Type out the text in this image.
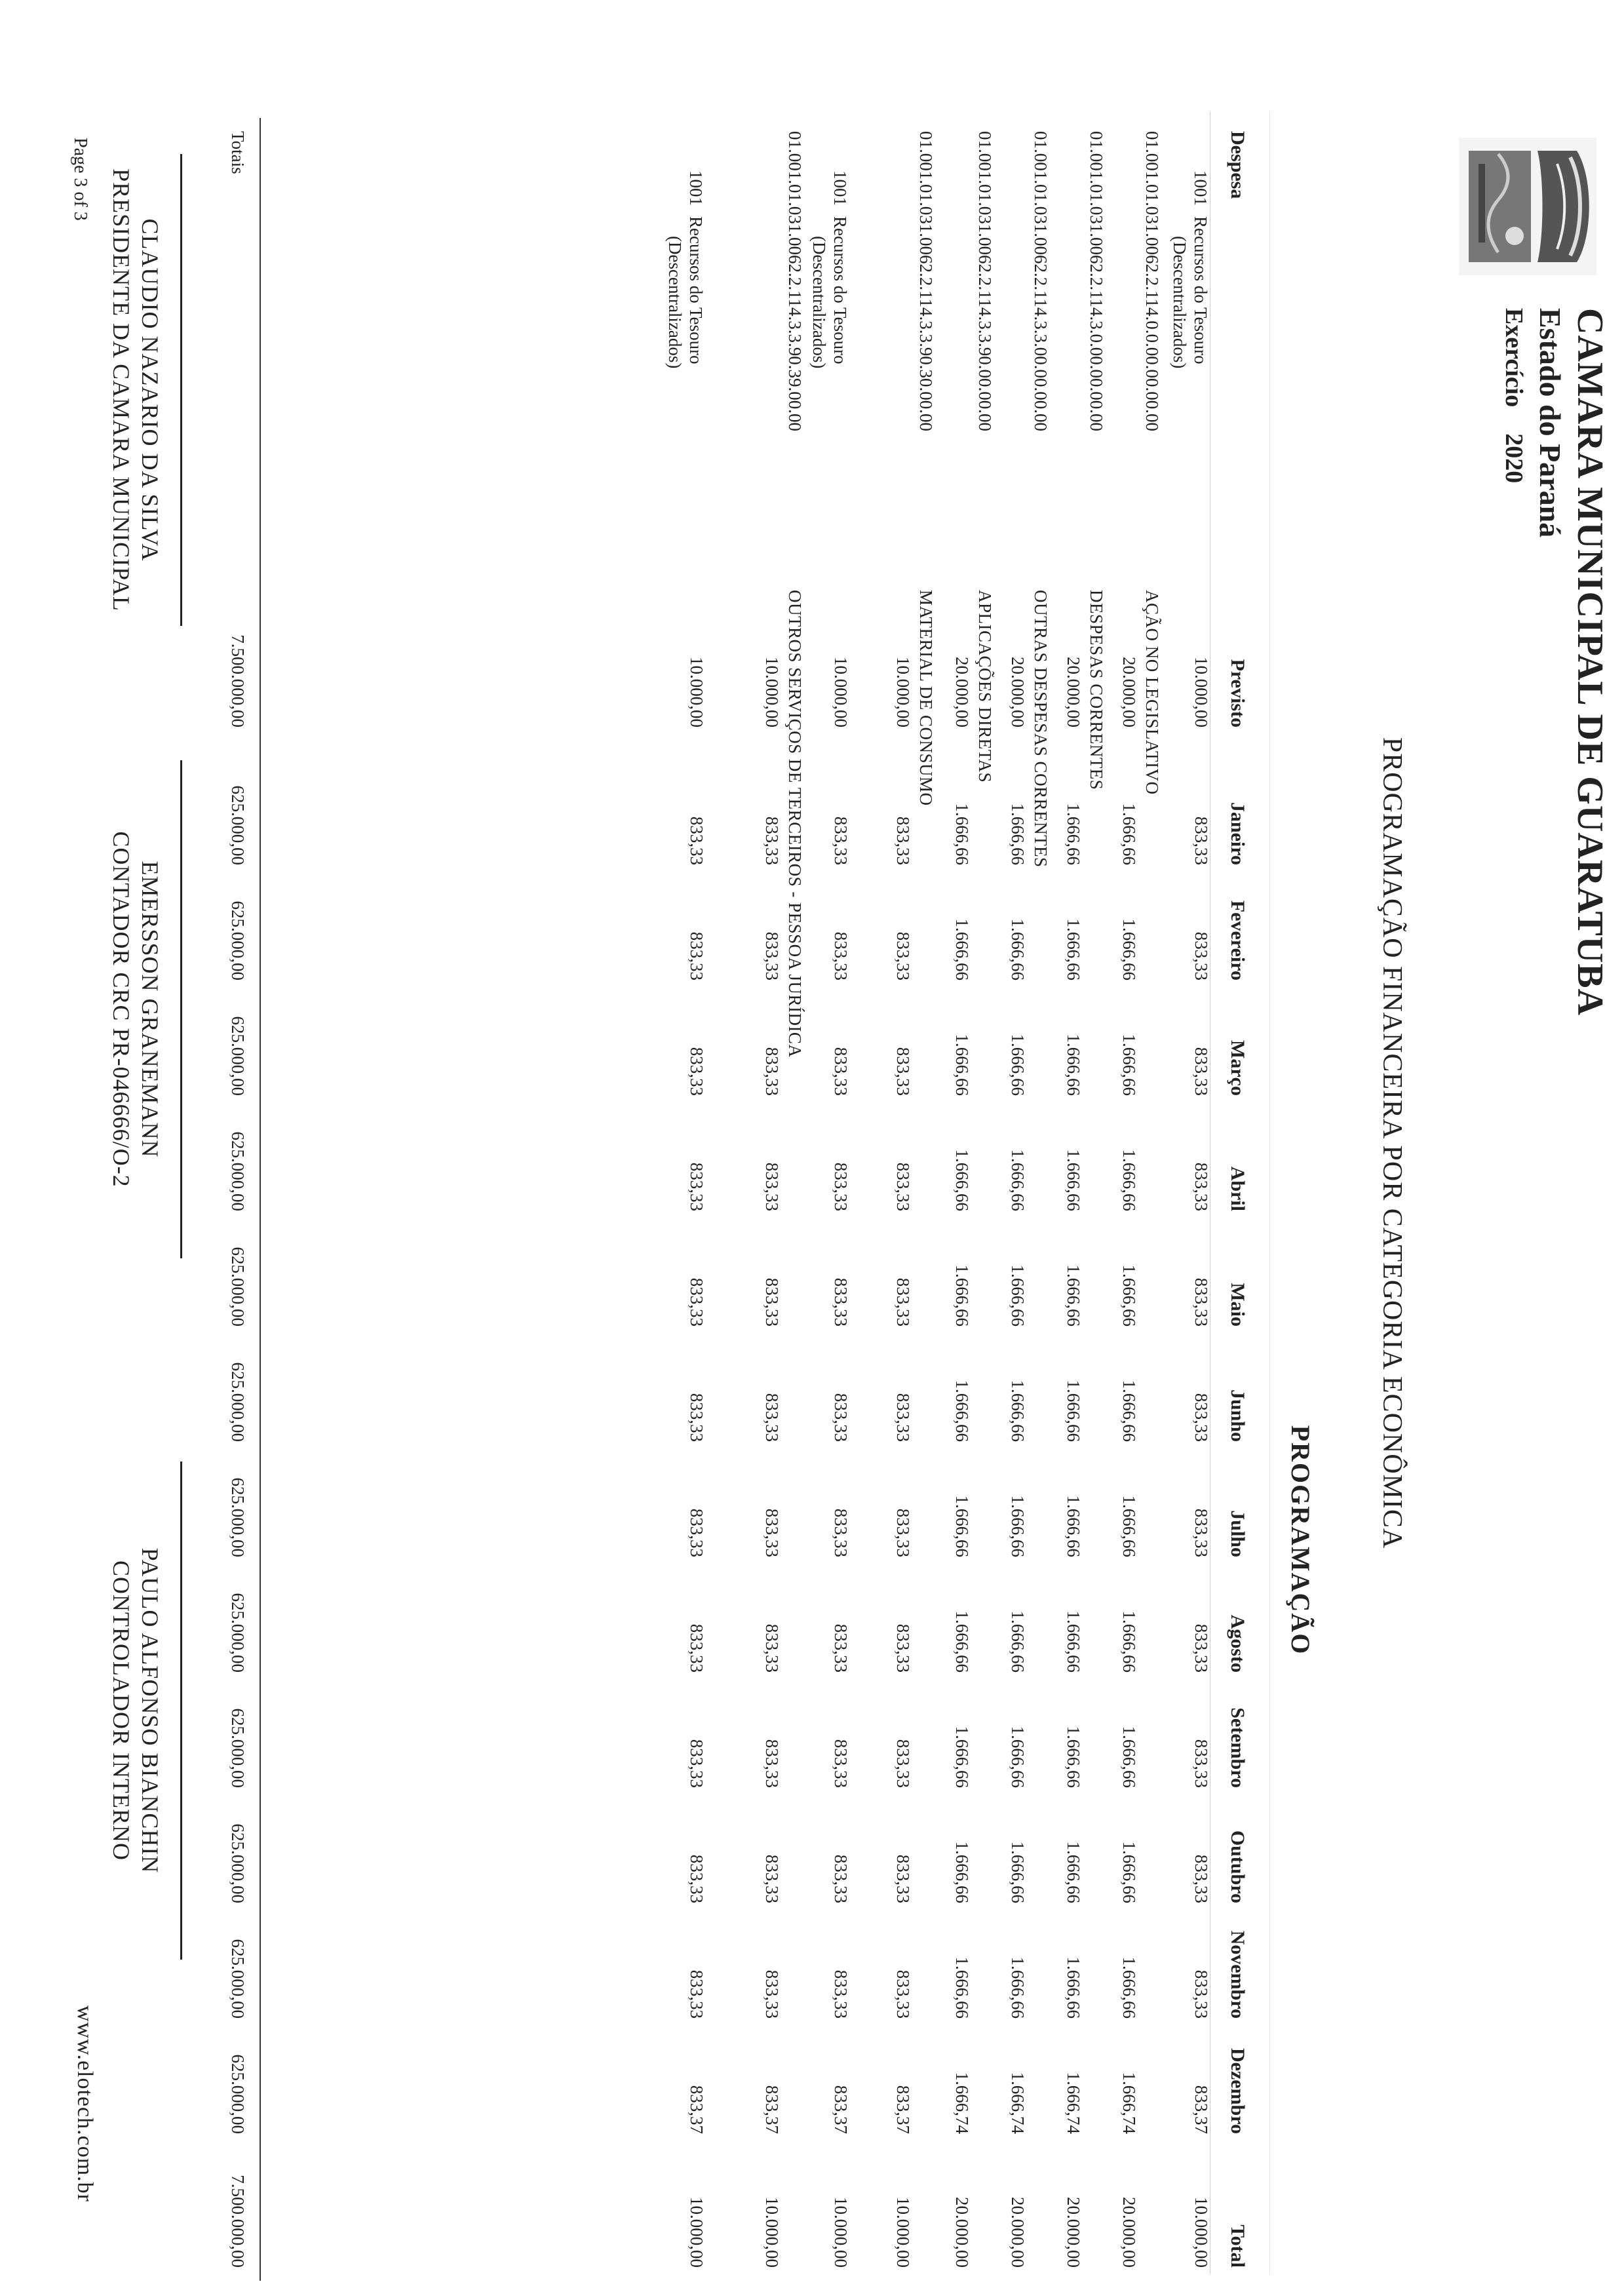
CAMARA MUNICIPAL DE GUARATUBA
Estado do Paraná
Exercício2020
PROGRAMAÇÃO FINANCEIRA POR CATEGORIA ECONÔMICA
PROGRAMAÇÃO
Despesa
Previsto
Janeiro
Fevereiro
Março
Abril
Maio
Junho
Julho
Agosto
Setembro
Outubro
Novembro
Dezembro
Total
1001Recursos do Tesouro
(Descentralizados)
10.000,00
833,33
833,33
833,33
833,33
833,33
833,33
833,33
833,33
833,33
833,33
833,33
833,37
10.000,00
01.001.01.031.0062.2.114.0.0.00.00.00.00
AÇÃO NO LEGISLATIVO
20.000,00
1.666,66
1.666,66
1.666,66
1.666,66
1.666,66
1.666,66
1.666,66
1.666,66
1.666,66
1.666,66
1.666,66
1.666,74
20.000,00
01.001.01.031.0062.2.114.3.0.00.00.00.00
DESPESAS CORRENTES
20.000,00
1.666,66
1.666,66
1.666,66
1.666,66
1.666,66
1.666,66
1.666,66
1.666,66
1.666,66
1.666,66
1.666,66
1.666,74
20.000,00
01.001.01.031.0062.2.114.3.3.00.00.00.00
OUTRAS DESPESAS CORRENTES
20.000,00
1.666,66
1.666,66
1.666,66
1.666,66
1.666,66
1.666,66
1.666,66
1.666,66
1.666,66
1.666,66
1.666,66
1.666,74
20.000,00
01.001.01.031.0062.2.114.3.3.90.00.00.00
APLICAÇÕES DIRETAS
20.000,00
1.666,66
1.666,66
1.666,66
1.666,66
1.666,66
1.666,66
1.666,66
1.666,66
1.666,66
1.666,66
1.666,66
1.666,74
20.000,00
01.001.01.031.0062.2.114.3.3.90.30.00.00
MATERIAL DE CONSUMO
10.000,00
833,33
833,33
833,33
833,33
833,33
833,33
833,33
833,33
833,33
833,33
833,33
833,37
10.000,00
1001Recursos do Tesouro
(Descentralizados)
10.000,00
833,33
833,33
833,33
833,33
833,33
833,33
833,33
833,33
833,33
833,33
833,33
833,37
10.000,00
01.001.01.031.0062.2.114.3.3.90.39.00.00
OUTROS SERVIÇOS DE TERCEIROS - PESSOA JURÍDICA
10.000,00
833,33
833,33
833,33
833,33
833,33
833,33
833,33
833,33
833,33
833,33
833,33
833,37
10.000,00
1001Recursos do Tesouro
(Descentralizados)
10.000,00
833,33
833,33
833,33
833,33
833,33
833,33
833,33
833,33
833,33
833,33
833,33
833,37
10.000,00
Totais
7.500.000,00
625.000,00
625.000,00
625.000,00
625.000,00
625.000,00
625.000,00
625.000,00
625.000,00
625.000,00
625.000,00
625.000,00
625.000,00
7.500.000,00
CLAUDIO NAZARIO DA SILVA
PRESIDENTE DA CAMARA MUNICIPAL
EMERSSON GRANEMANN
CONTADOR CRC PR-046666/O-2
PAULO ALFONSO BIANCHIN
CONTROLADOR INTERNO
Page 3 of 3
www.elotech.com.br
